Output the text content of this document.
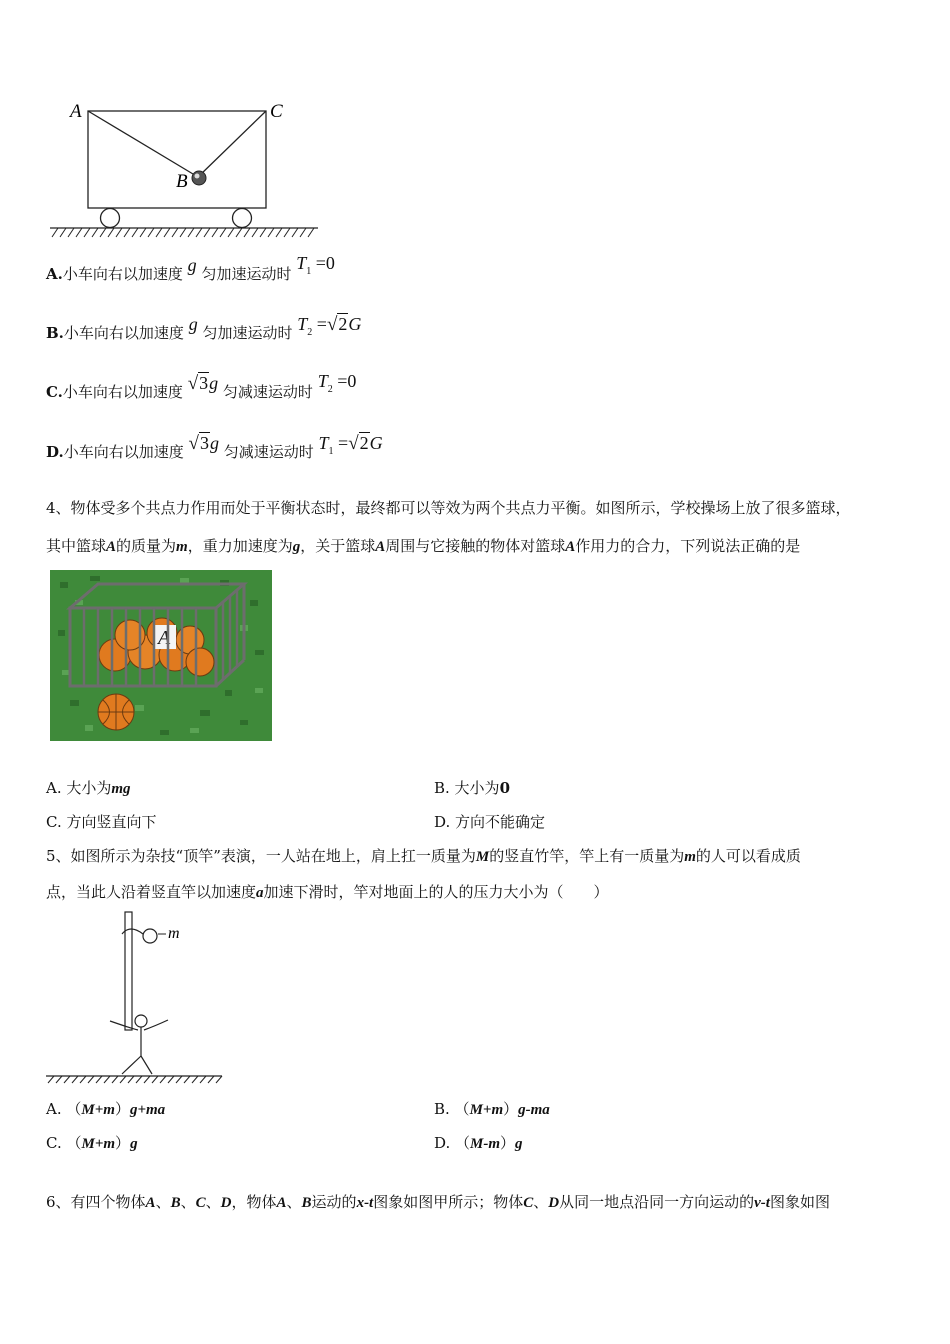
A	C
B
A.小车向右以加速度 g 匀加速运动时 $T_1 =0$
B.小车向右以加速度 g 匀加速运动时 $T_2 =√2G$
C.小车向右以加速度 √3g 匀减速运动时 $T_2 =0$
D.小车向右以加速度 √3g 匀减速运动时 $T_1 =√2G$
4、物体受多个共点力作用而处于平衡状态时，最终都可以等效为两个共点力平衡。如图所示，学校操场上放了很多篮球，
其中篮球A的质量为m，重力加速度为g，关于篮球A周围与它接触的物体对篮球A作用力的合力，下列说法正确的是
A
A. 大小为mg	B. 大小为0
C. 方向竖直向下	D. 方向不能确定
5、如图所示为杂技“顶竿”表演，一人站在地上，肩上扛一质量为M的竖直竹竿，竿上有一质量为m的人可以看成质
点，当此人沿着竖直竿以加速度a加速下滑时，竿对地面上的人的压力大小为（　　）
m
A. （M+m）g+ma	B. （M+m）g-ma
C. （M+m）g	D. （M-m）g
6、有四个物体A、B、C、D，物体A、B运动的x-t图象如图甲所示；物体C、D从同一地点沿同一方向运动的v-t图象如图
